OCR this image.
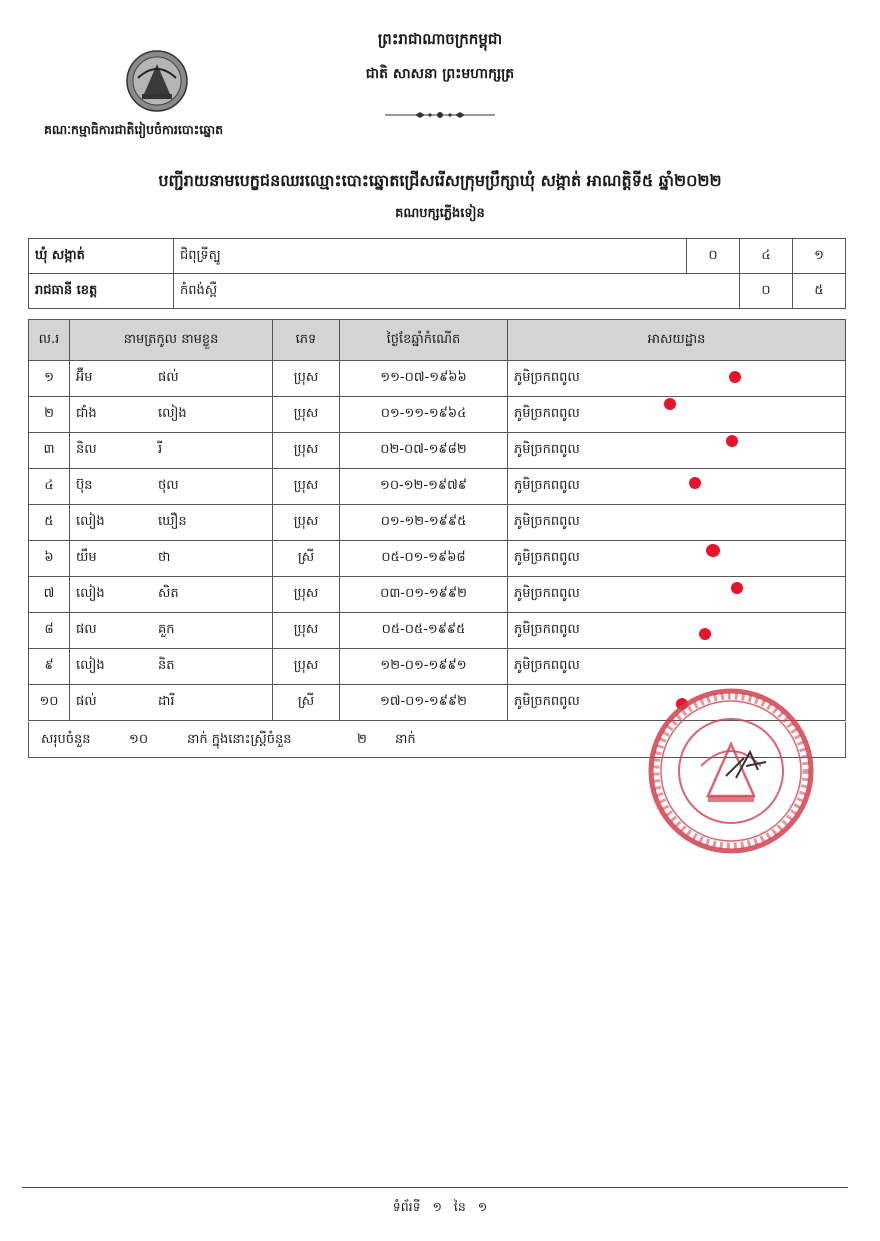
ព្រះរាជាណាចក្រកម្ពុជា
ជាតិ សាសនា ព្រះមហាក្សត្រ
គណៈកម្មាធិការជាតិរៀបចំការបោះឆ្នោត
បញ្ជីរាយនាមបេក្ខជនឈរឈ្មោះបោះឆ្នោតជ្រើសរើសក្រុមប្រឹក្សាឃុំ សង្កាត់ អាណត្តិទី៥ ឆ្នាំ២០២២
គណបក្សភ្លើងទៀន
ឃុំ សង្កាត់	ជិពុទ្រីត្បូ	០	៤	១
រាជធានី ខេត្ត	កំពង់ស្ពឺ		០	៥
ល.រ	នាមត្រកូល នាមខ្លួន		ភេទ	ថ្ងៃខែឆ្នាំកំណើត	អាសយដ្ឋាន
១	អ៊ឹម	ផល់	ប្រុស	១១-០៧-១៩៦៦	ភូមិច្រកពពូល
២	ជាំង	លៀង	ប្រុស	០១-១១-១៩៦៤	ភូមិច្រកពពូល
៣	និល	រី	ប្រុស	០២-០៧-១៩៨២	ភូមិច្រកពពូល
៤	ប៊ុន	ថុល	ប្រុស	១០-១២-១៩៧៩	ភូមិច្រកពពូល
៥	លៀង	ឃឿន	ប្រុស	០១-១២-១៩៩៥	ភូមិច្រកពពូល
៦	យឹម	ថា	ស្រី	០៥-០១-១៩៦៨	ភូមិច្រកពពូល
៧	លៀង	សិត	ប្រុស	០៣-០១-១៩៩២	ភូមិច្រកពពូល
៨	ផល	គួក	ប្រុស	០៥-០៥-១៩៩៥	ភូមិច្រកពពូល
៩	លៀង	និត	ប្រុស	១២-០១-១៩៩១	ភូមិច្រកពពូល
១០	ផល់	ដារី	ស្រី	១៧-០១-១៩៩២	ភូមិច្រកពពូល
សរុបចំនួន	១០	នាក់ ក្នុងនោះស្ត្រីចំនួន	២ នាក់
ទំព័រទី ១ នៃ ១
